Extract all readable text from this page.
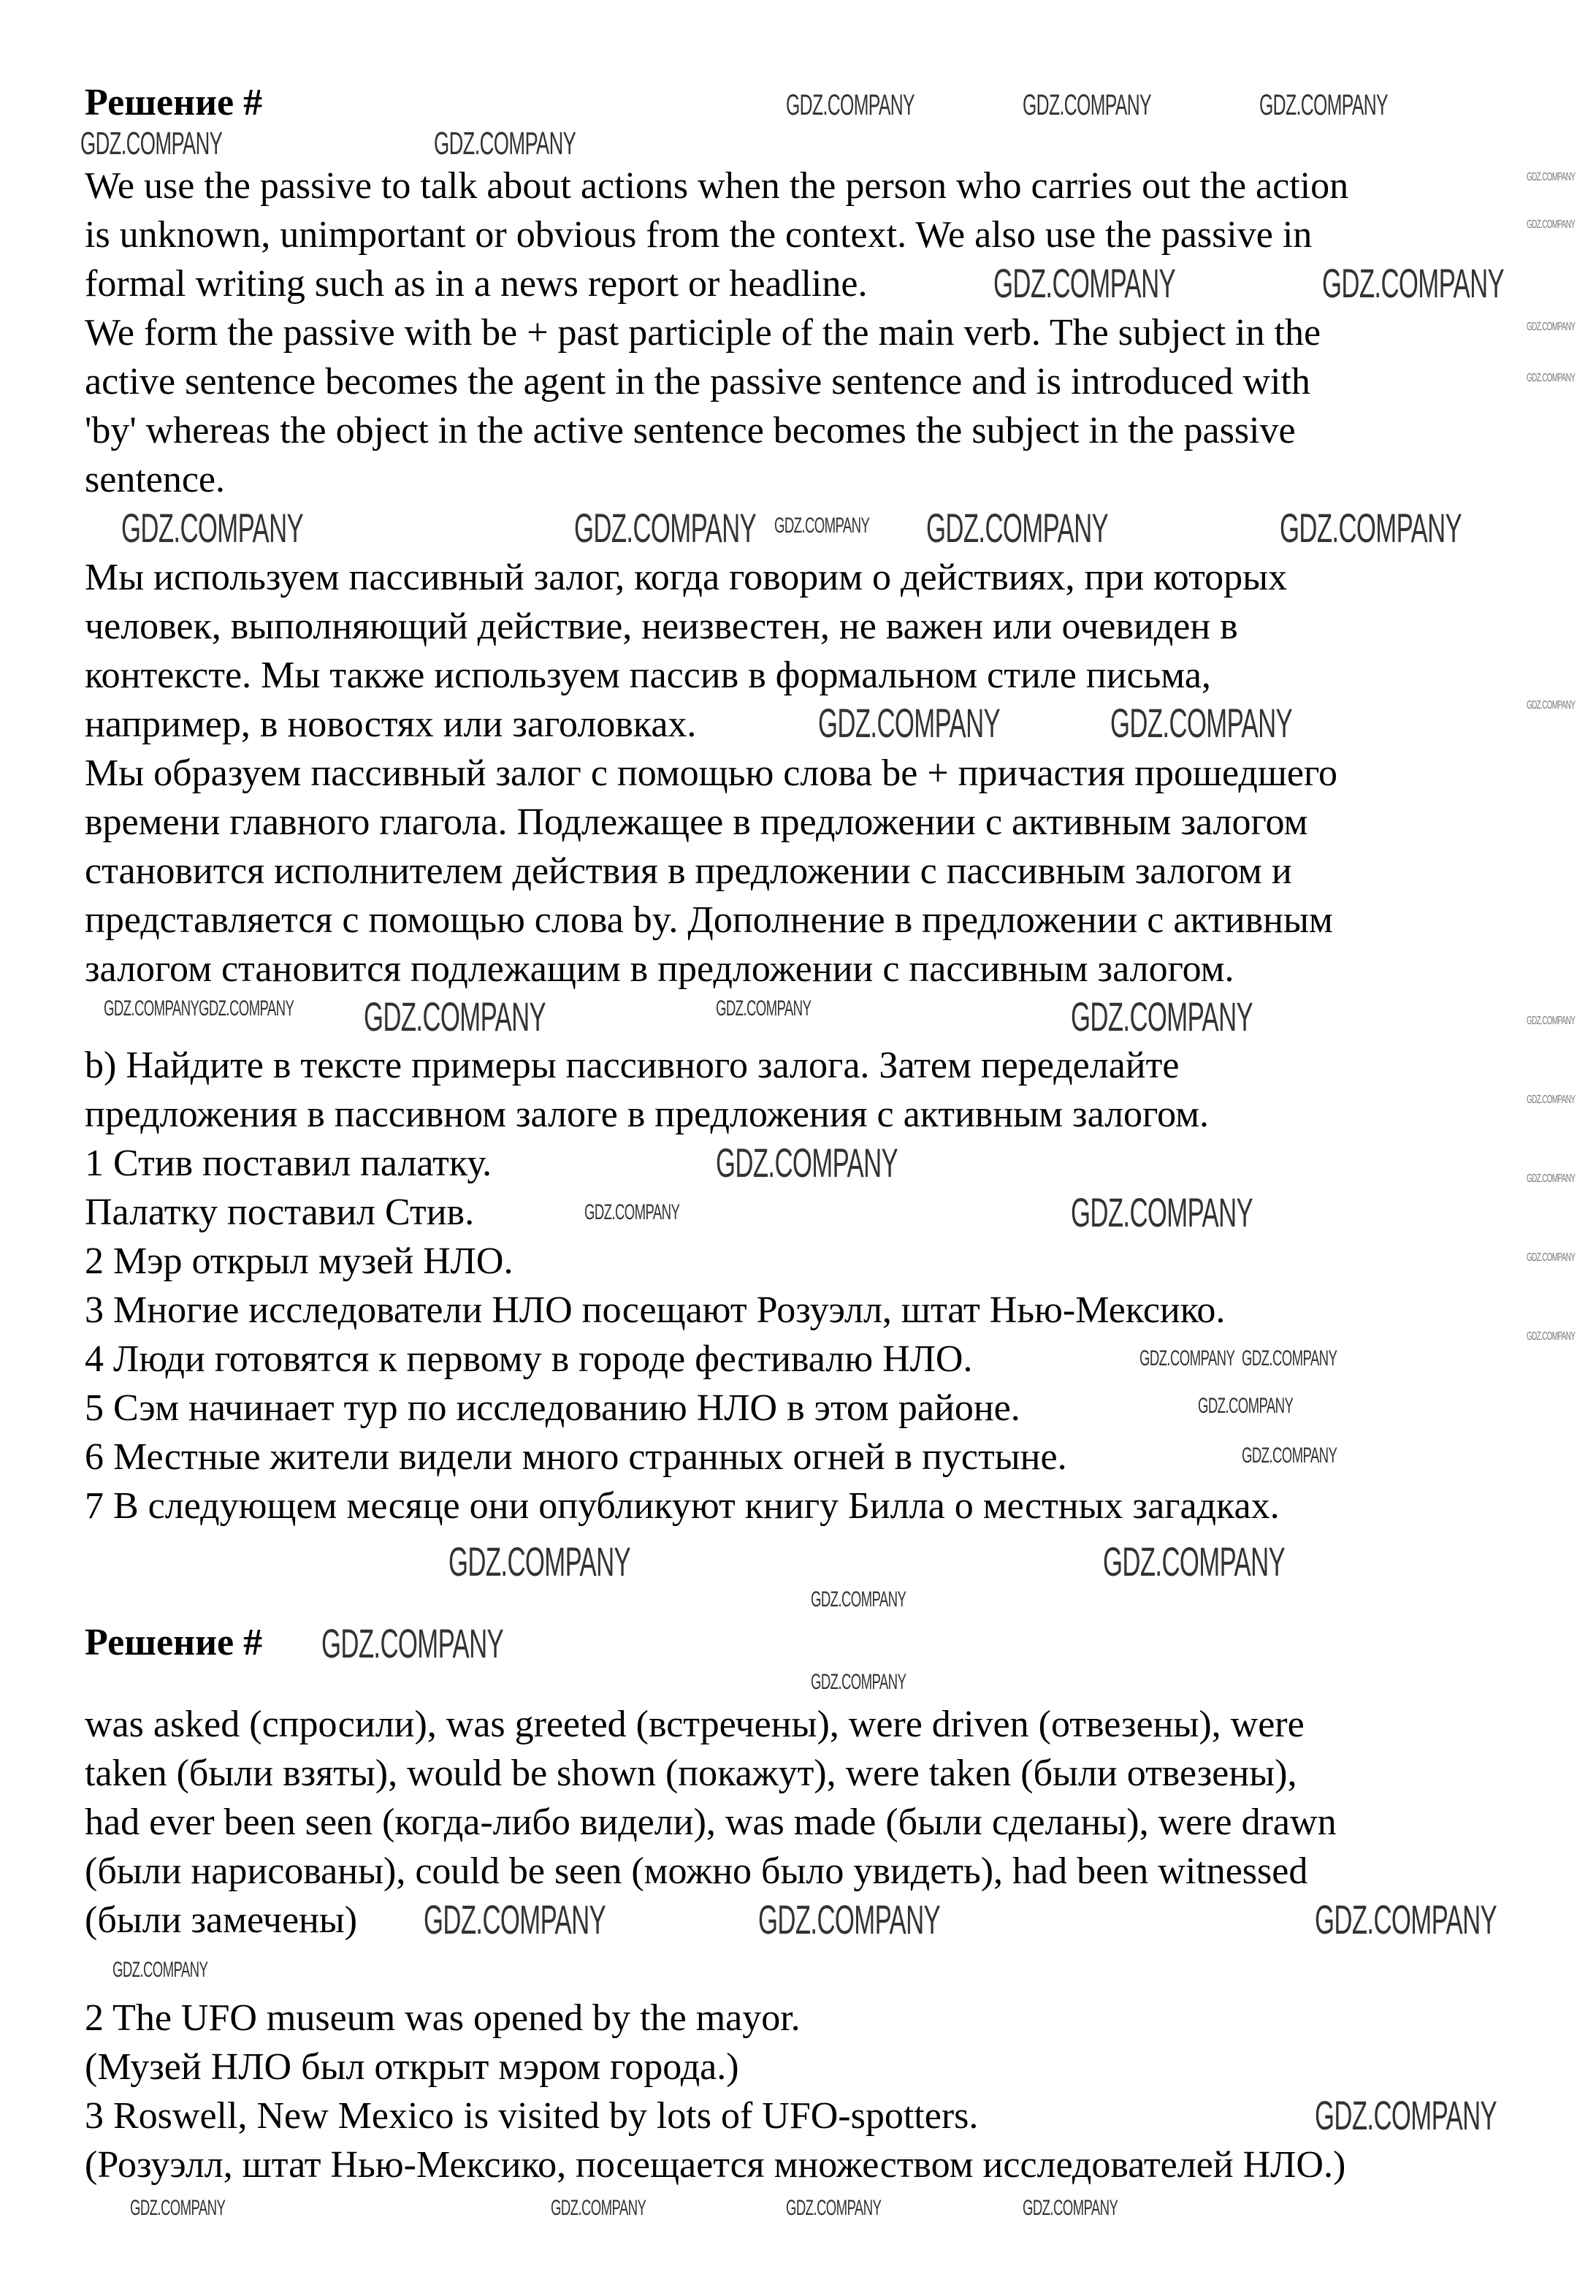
Решение #
We use the passive to talk about actions when the person who carries out the action
is unknown, unimportant or obvious from the context. We also use the passive in
formal writing such as in a news report or headline.
We form the passive with be + past participle of the main verb. The subject in the
active sentence becomes the agent in the passive sentence and is introduced with
'by' whereas the object in the active sentence becomes the subject in the passive
sentence.
Мы используем пассивный залог, когда говорим о действиях, при которых
человек, выполняющий действие, неизвестен, не важен или очевиден в
контексте. Мы также используем пассив в формальном стиле письма,
например, в новостях или заголовках.
Мы образуем пассивный залог с помощью слова be + причастия прошедшего
времени главного глагола. Подлежащее в предложении с активным залогом
становится исполнителем действия в предложении с пассивным залогом и
представляется с помощью слова by. Дополнение в предложении с активным
залогом становится подлежащим в предложении с пассивным залогом.
b) Найдите в тексте примеры пассивного залога. Затем переделайте
предложения в пассивном залоге в предложения с активным залогом.
1 Стив поставил палатку.
Палатку поставил Стив.
2 Мэр открыл музей НЛО.
3 Многие исследователи НЛО посещают Розуэлл, штат Нью-Мексико.
4 Люди готовятся к первому в городе фестивалю НЛО.
5 Сэм начинает тур по исследованию НЛО в этом районе.
6 Местные жители видели много странных огней в пустыне.
7 В следующем месяце они опубликуют книгу Билла о местных загадках.
Решение #
was asked (спросили), was greeted (встречены), were driven (отвезены), were
taken (были взяты), would be shown (покажут), were taken (были отвезены),
had ever been seen (когда-либо видели), was made (были сделаны), were drawn
(были нарисованы), could be seen (можно было увидеть), had been witnessed
(были замечены)
2 The UFO museum was opened by the mayor.
(Музей НЛО был открыт мэром города.)
3 Roswell, New Mexico is visited by lots of UFO-spotters.
(Розуэлл, штат Нью-Мексико, посещается множеством исследователей НЛО.)
GDZ.COMPANY	GDZ.COMPANY	GDZ.COMPANY
GDZ.COMPANY	GDZ.COMPANY
GDZ.COMPANY	GDZ.COMPANY
GDZ.COMPANY
GDZ.COMPANY
GDZ.COMPANY
GDZ.COMPANY
GDZ.COMPANY	GDZ.COMPANY GDZ.COMPANY GDZ.COMPANY	GDZ.COMPANY
GDZ.COMPANY	GDZ.COMPANY
GDZ.COMPANY GDZ.COMPANY GDZ.COMPANY	GDZ.COMPANY	GDZ.COMPANY
GDZ.COMPANY
GDZ.COMPANY	GDZ.COMPANY
GDZ.COMPANY GDZ.COMPANY
GDZ.COMPANY
GDZ.COMPANY
GDZ.COMPANY	GDZ.COMPANY
GDZ.COMPANY
GDZ.COMPANY
GDZ.COMPANY
GDZ.COMPANY	GDZ.COMPANY	GDZ.COMPANY
GDZ.COMPANY
GDZ.COMPANY
GDZ.COMPANY	GDZ.COMPANY	GDZ.COMPANY	GDZ.COMPANY
GDZ.COMPANY
GDZ.COMPANY
GDZ.COMPANY
GDZ.COMPANY
GDZ.COMPANY
GDZ.COMPANY
